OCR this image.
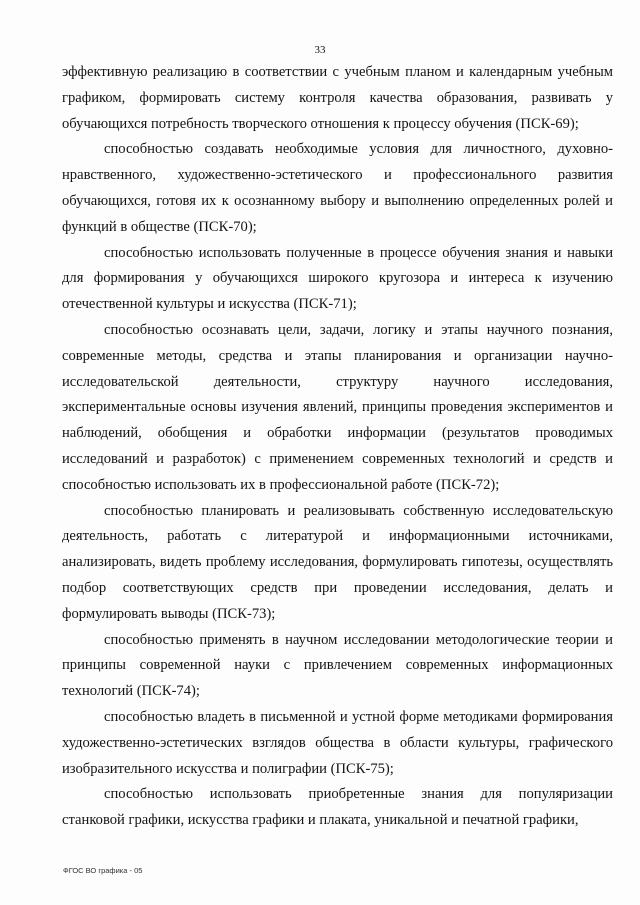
33

эффективную реализацию в соответствии с учебным планом и календарным учебным графиком, формировать систему контроля качества образования, развивать у обучающихся потребность творческого отношения к процессу обучения (ПСК-69);

способностью создавать необходимые условия для личностного, духовно-нравственного, художественно-эстетического и профессионального развития обучающихся, готовя их к осознанному выбору и выполнению определенных ролей и функций в обществе (ПСК-70);

способностью использовать полученные в процессе обучения знания и навыки для формирования у обучающихся широкого кругозора и интереса к изучению отечественной культуры и искусства (ПСК-71);

способностью осознавать цели, задачи, логику и этапы научного познания, современные методы, средства и этапы планирования и организации научно-исследовательской деятельности, структуру научного исследования, экспериментальные основы изучения явлений, принципы проведения экспериментов и наблюдений, обобщения и обработки информации (результатов проводимых исследований и разработок) с применением современных технологий и средств и способностью использовать их в профессиональной работе (ПСК-72);

способностью планировать и реализовывать собственную исследовательскую деятельность, работать с литературой и информационными источниками, анализировать, видеть проблему исследования, формулировать гипотезы, осуществлять подбор соответствующих средств при проведении исследования, делать и формулировать выводы (ПСК-73);

способностью применять в научном исследовании методологические теории и принципы современной науки с привлечением современных информационных технологий (ПСК-74);

способностью владеть в письменной и устной форме методиками формирования художественно-эстетических взглядов общества в области культуры, графического изобразительного искусства и полиграфии (ПСК-75);

способностью использовать приобретенные знания для популяризации станковой графики, искусства графики и плаката, уникальной и печатной графики,

ФГОС ВО графика - 05
